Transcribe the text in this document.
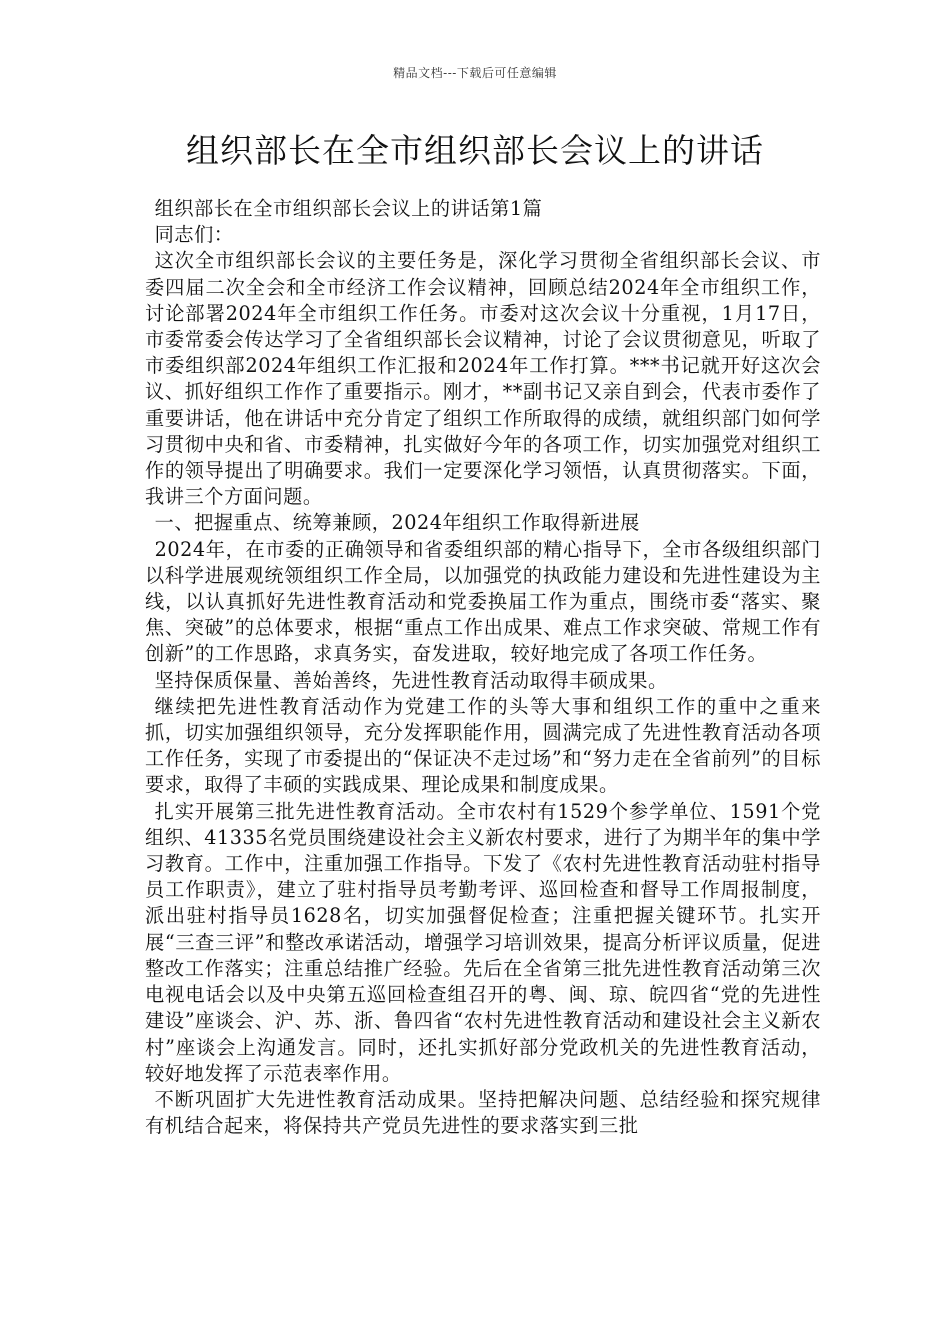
精品文档---下载后可任意编辑
组织部长在全市组织部长会议上的讲话

组织部长在全市组织部长会议上的讲话第1篇

同志们：

这次全市组织部长会议的主要任务是，深化学习贯彻全省组织部长会议、市委四届二次全会和全市经济工作会议精神，回顾总结2024年全市组织工作，讨论部署2024年全市组织工作任务。市委对这次会议十分重视，1月17日，市委常委会传达学习了全省组织部长会议精神，讨论了会议贯彻意见，听取了市委组织部2024年组织工作汇报和2024年工作打算。***书记就开好这次会议、抓好组织工作作了重要指示。刚才，**副书记又亲自到会，代表市委作了重要讲话，他在讲话中充分肯定了组织工作所取得的成绩，就组织部门如何学习贯彻中央和省、市委精神，扎实做好今年的各项工作，切实加强党对组织工作的领导提出了明确要求。我们一定要深化学习领悟，认真贯彻落实。下面，我讲三个方面问题。

一、把握重点、统筹兼顾，2024年组织工作取得新进展

2024年，在市委的正确领导和省委组织部的精心指导下，全市各级组织部门以科学进展观统领组织工作全局，以加强党的执政能力建设和先进性建设为主线，以认真抓好先进性教育活动和党委换届工作为重点，围绕市委“落实、聚焦、突破”的总体要求，根据“重点工作出成果、难点工作求突破、常规工作有创新”的工作思路，求真务实，奋发进取，较好地完成了各项工作任务。

坚持保质保量、善始善终，先进性教育活动取得丰硕成果。

继续把先进性教育活动作为党建工作的头等大事和组织工作的重中之重来抓，切实加强组织领导，充分发挥职能作用，圆满完成了先进性教育活动各项工作任务，实现了市委提出的“保证决不走过场”和“努力走在全省前列”的目标要求，取得了丰硕的实践成果、理论成果和制度成果。

扎实开展第三批先进性教育活动。全市农村有1529个参学单位、1591个党组织、41335名党员围绕建设社会主义新农村要求，进行了为期半年的集中学习教育。工作中，注重加强工作指导。下发了《农村先进性教育活动驻村指导员工作职责》，建立了驻村指导员考勤考评、巡回检查和督导工作周报制度，派出驻村指导员1628名，切实加强督促检查；注重把握关键环节。扎实开展“三查三评”和整改承诺活动，增强学习培训效果，提高分析评议质量，促进整改工作落实；注重总结推广经验。先后在全省第三批先进性教育活动第三次电视电话会以及中央第五巡回检查组召开的粤、闽、琼、皖四省“党的先进性建设”座谈会、沪、苏、浙、鲁四省“农村先进性教育活动和建设社会主义新农村”座谈会上沟通发言。同时，还扎实抓好部分党政机关的先进性教育活动，较好地发挥了示范表率作用。

不断巩固扩大先进性教育活动成果。坚持把解决问题、总结经验和探究规律有机结合起来，将保持共产党员先进性的要求落实到三批
